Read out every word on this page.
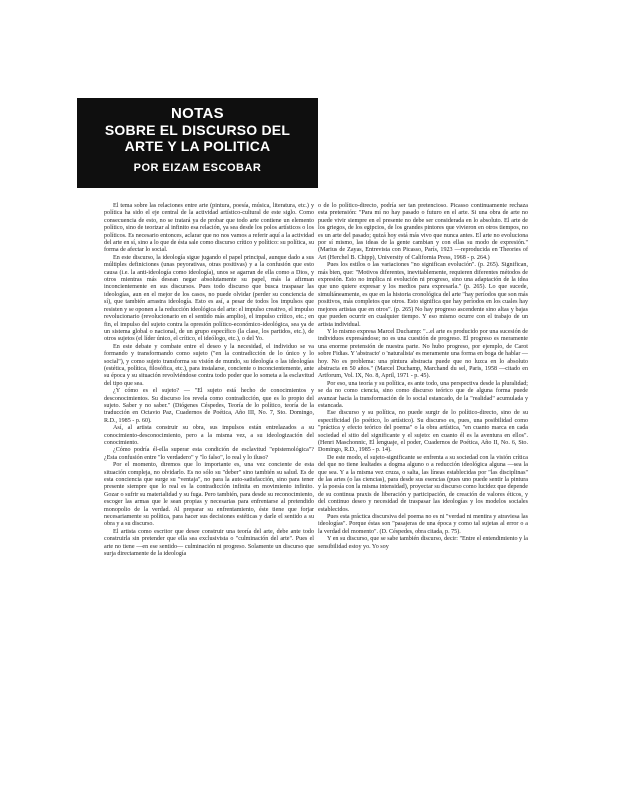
NOTAS
SOBRE EL DISCURSO DEL
ARTE Y LA POLITICA
POR EIZAM ESCOBAR

El tema sobre las relaciones entre arte (pintura, poesía, música, literatura, etc.) y política ha sido el eje central de la actividad artístico-cultural de este siglo. Como consecuencia de esto, no se tratará ya de probar que todo arte contiene un elemento político, sino de teorizar al infinito esa relación, ya sea desde los polos artísticos o los políticos. Es necesario entonces, aclarar que no nos vamos a referir aquí a la actividad del arte en sí, sino a lo que de ésta sale como discurso crítico y político: su política, su forma de afectar lo social.

En este discurso, la ideología sigue jugando el papel principal, aunque dado a sus múltiples definiciones (unas peyorativas, otras positivas) y a la confusión que esto causa (i.e. la anti-ideología como ideología), unos se agarran de ella como a Dios, y otros mientras más desean negar absolutamente su papel, más la afirman inconcientemente en sus discursos. Pues todo discurso que busca traspasar las ideologías, aun en el mejor de los casos, no puede olvidar (perder su conciencia de sí), que también arrastra ideología. Esto es así, a pesar de todos los impulsos que resisten y se oponen a la reducción ideológica del arte: el impulso creativo, el impulso revolucionario (revolucionario en el sentido más amplio), el impulso crítico, etc.; en fin, el impulso del sujeto contra la opresión político-económico-ideológica, sea ya de un sistema global o nacional, de un grupo específico (la clase, los partidos, etc.), de otros sujetos (el líder único, el crítico, el ideólogo, etc.), o del Yo.

En este debate y combate entre el deseo y la necesidad, el individuo se va formando y transformando como sujeto ("en la contradicción de lo único y lo social"), y como sujeto transforma su visión de mundo, su ideología o las ideologías (estética, política, filosófica, etc.), para instalarse, conciente o inconcientemente, ante su época y su situación revolviéndose contra todo poder que lo someta a la esclavitud del tipo que sea.

¿Y cómo es el sujeto? — "El sujeto está hecho de conocimientos y desconocimientos. Su discurso los revela como contradicción, que es lo propio del sujeto. Saber y no saber." (Diógenes Céspedes, Teoría de lo político, teoría de la traducción en Octavio Paz, Cuadernos de Poética, Año III, No. 7, Sto. Domingo, R.D., 1985 - p. 60).

Así, al artista construir su obra, sus impulsos están entrelazados a su conocimiento-desconocimiento, pero a la misma vez, a su ideologización del conocimiento.

¿Cómo podría él-ella superar esta condición de esclavitud "epistemológica"? ¿Esta confusión entre "lo verdadero" y "lo falso", lo real y lo iluso?

Por el momento, diremos que lo importante es, una vez conciente de esta situación compleja, no olvidarlo. Es no sólo su "deber" sino también su salud. Es de esta conciencia que surge su "ventaja", no para la auto-satisfacción, sino para tener presente siempre que lo real es la contradicción infinita en movimiento infinito. Gozar o sufrir su materialidad y su fuga. Pero también, para desde su reconocimiento, escoger las armas que le sean propias y necesarias para enfrentarse al pretendido monopolio de la verdad. Al preparar su enfrentamiento, éste tiene que forjar necesariamente su política, para hacer sus decisiones estéticas y darle el sentido a su obra y a su discurso.

El artista como escritor que desee construir una teoría del arte, debe ante todo construirla sin pretender que ella sea exclusivista o "culminación del arte". Pues el arte no tiene —en ese sentido— culminación ni progreso. Solamente un discurso que surja directamente de la ideología

o de lo político-directo, podría ser tan pretencioso. Picasso continuamente rechaza esta pretensión: "Para mí no hay pasado o futuro en el arte. Si una obra de arte no puede vivir siempre en el presente no debe ser considerada en lo absoluto. El arte de los griegos, de los egipcios, de los grandes pintores que vivieron en otros tiempos, no es un arte del pasado; quizá hoy está más vivo que nunca antes. El arte no evoluciona por sí mismo, las ideas de la gente cambian y con ellas su modo de expresión." (Marius de Zayas, Entrevista con Picasso, París, 1923 —reproducida en Theories of Art (Herchel B. Chipp), University of California Press, 1968 - p. 264.)

Pues los estilos o las variaciones "no significan evolución". (p. 265). Significan, más bien, que: "Motivos diferentes, inevitablemente, requieren diferentes métodos de expresión. Esto no implica ni evolución ni progreso, sino una adaptación de la idea que uno quiere expresar y los medios para expresarla." (p. 265). Lo que sucede, simultáneamente, es que en la historia cronológica del arte "hay períodos que son más positivos, más completos que otros. Esto significa que hay períodos en los cuales hay mejores artistas que en otros". (p. 265) No hay progreso ascendente sino altas y bajas que pueden ocurrir en cualquier tiempo. Y eso mismo ocurre con el trabajo de un artista individual.

Y lo mismo expresa Marcel Duchamp: "...el arte es producido por una sucesión de individuos expresándose; no es una cuestión de progreso. El progreso es meramente una enorme pretensión de nuestra parte. No hubo progreso, por ejemplo, de Carot sobre Fidias. Y 'abstracto' o 'naturalista' es meramente una forma en boga de hablar —hoy. No es problema: una pintura abstracta puede que no luzca en lo absoluto abstracta en 50 años." (Marcel Duchamp, Marchand du sel, Paris, 1958 —citado en Artforum, Vol. IX, No. 8, April, 1971 - p. 45).

Por eso, una teoría y su política, es ante todo, una perspectiva desde la pluralidad; se da no como ciencia, sino como discurso teórico que de alguna forma puede avanzar hacia la transformación de lo social estancado, de la "realidad" acumulada y estancada.

Ese discurso y su política, no puede surgir de lo político-directo, sino de su especificidad (lo poético, lo artístico). Su discurso es, pues, una posibilidad como "práctica y efecto teórico del poema" o la obra artística, "en cuanto marca en cada sociedad el sitio del significante y el sujeto: en cuanto él es la aventura en ellos". (Henri Maschonnic, El lenguaje, el poder, Cuadernos de Poética, Año II, No. 6, Sto. Domingo, R.D., 1985 - p. 14).

De este modo, el sujeto-significante se enfrenta a su sociedad con la visión crítica del que no tiene lealtades a dogma alguno o a reducción ideológica alguna —sea la que sea. Y a la misma vez cruza, o salta, las líneas establecidas por "las disciplinas" de las artes (o las ciencias), para desde sus esencias (pues uno puede sentir la pintura y la poesía con la misma intensidad), proyectar su discurso como lucidez que depende de su continua praxis de liberación y participación, de creación de valores éticos, y del continuo deseo y necesidad de traspasar las ideologías y los modelos sociales establecidos.

Pues esta práctica discursiva del poema no es ni "verdad ni mentira y atraviesa las ideologías". Porque éstas son "pasajeras de una época y como tal sujetas al error o a la verdad del momento". (D. Céspedes, obra citada, p. 75).

Y en su discurso, que se sabe también discurso, decir: "Entre el entendimiento y la sensibilidad estoy yo. Yo soy
